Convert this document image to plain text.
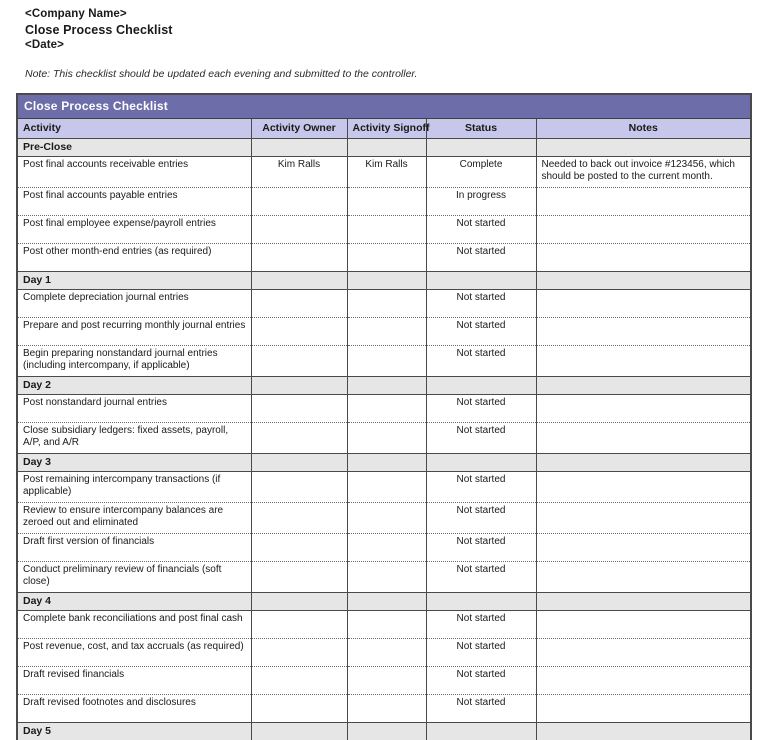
<Company Name>
Close Process Checklist
<Date>
Note: This checklist should be updated each evening and submitted to the controller.
Close Process Checklist				
Activity	Activity Owner	Activity Signoff	Status	Notes
Pre-Close				
Post final accounts receivable entries	Kim Ralls	Kim Ralls	Complete	Needed to back out invoice #123456, which should be posted to the current month.
Post final accounts payable entries			In progress	
Post final employee expense/payroll entries			Not started	
Post other month-end entries (as required)			Not started	
Day 1				
Complete depreciation journal entries			Not started	
Prepare and post recurring monthly journal entries			Not started	
Begin preparing nonstandard journal entries (including intercompany, if applicable)			Not started	
Day 2				
Post nonstandard journal entries			Not started	
Close subsidiary ledgers: fixed assets, payroll, A/P, and A/R			Not started	
Day 3				
Post remaining intercompany transactions (if applicable)			Not started	
Review to ensure intercompany balances are zeroed out and eliminated			Not started	
Draft first version of financials			Not started	
Conduct preliminary review of financials (soft close)			Not started	
Day 4				
Complete bank reconciliations and post final cash			Not started	
Post revenue, cost, and tax accruals (as required)			Not started	
Draft revised financials			Not started	
Draft revised footnotes and disclosures			Not started	
Day 5				
